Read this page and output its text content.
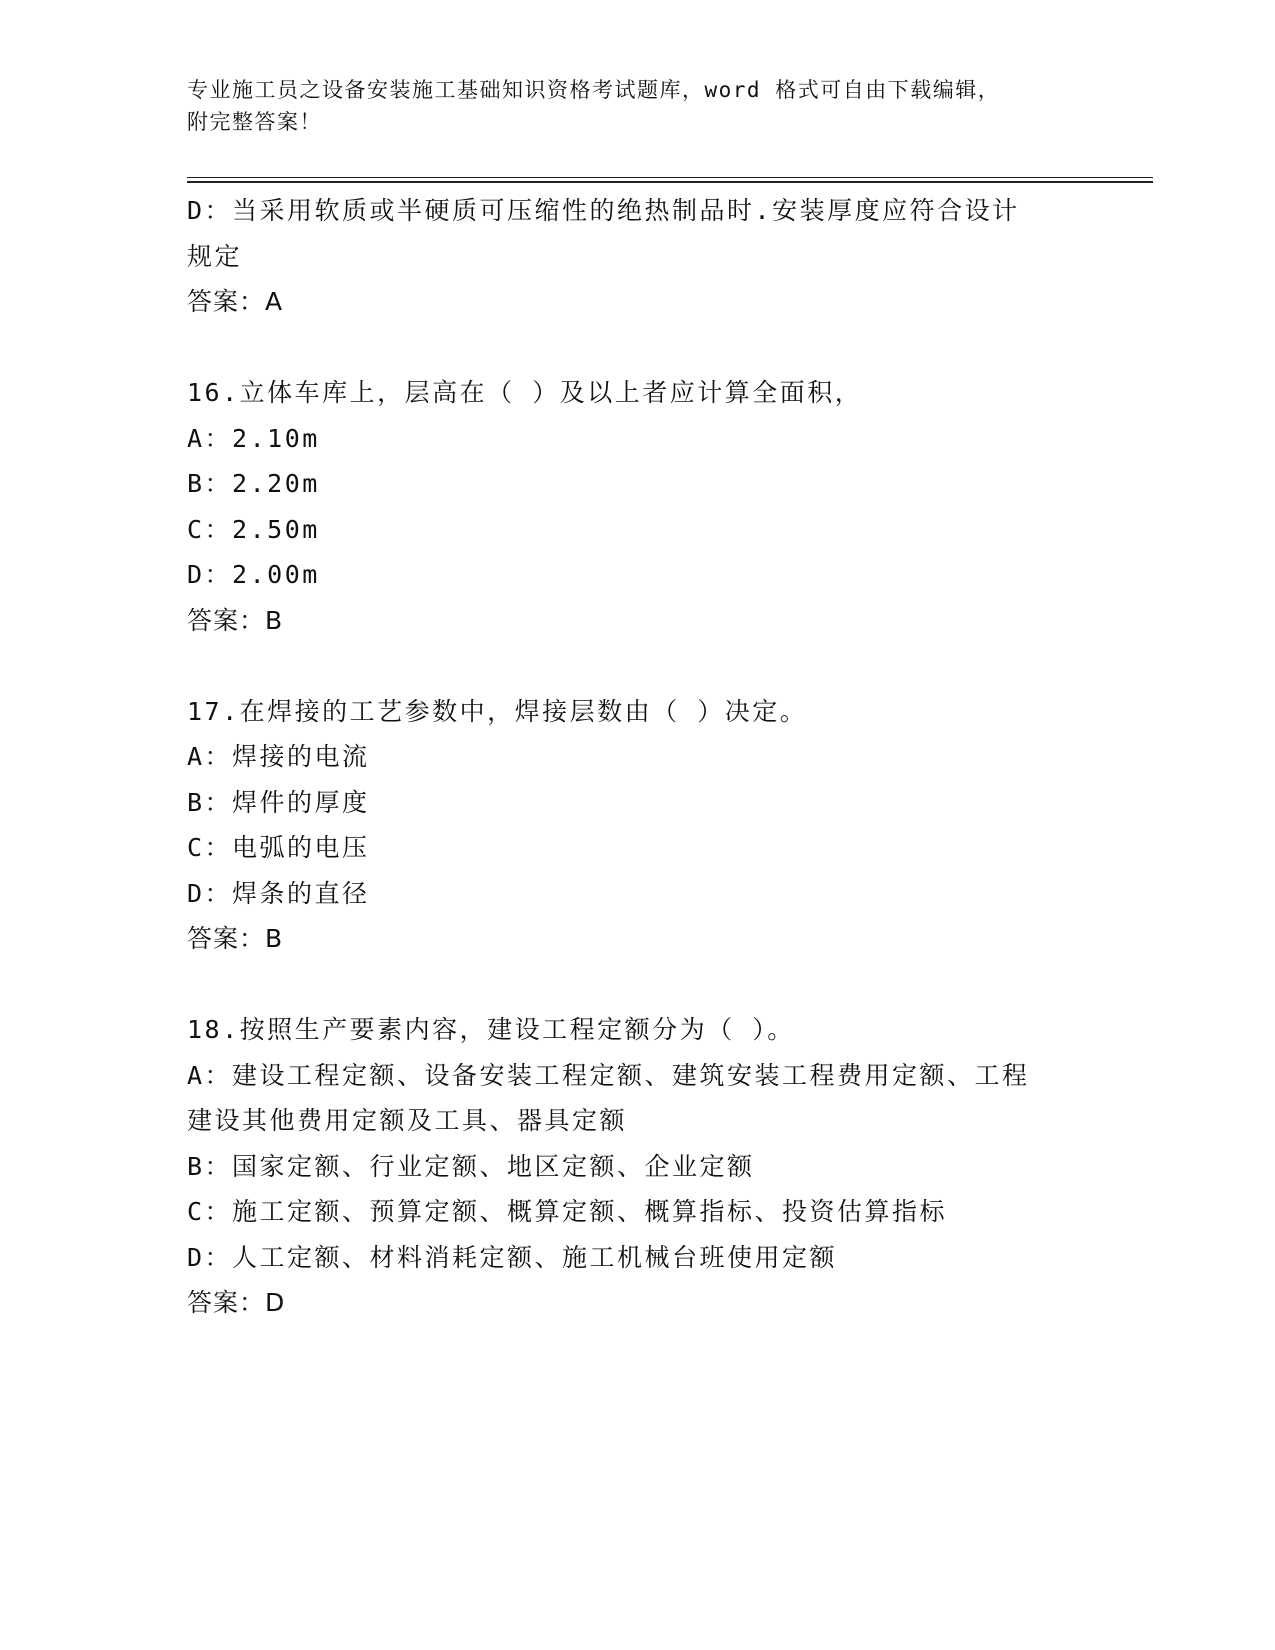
专业施工员之设备安装施工基础知识资格考试题库，word 格式可自由下载编辑，
附完整答案！
D：当采用软质或半硬质可压缩性的绝热制品时.安装厚度应符合设计
规定
答案：A
16.立体车库上，层高在（ ）及以上者应计算全面积，
A：2.10m
B：2.20m
C：2.50m
D：2.00m
答案：B
17.在焊接的工艺参数中，焊接层数由（ ）决定。
A：焊接的电流
B：焊件的厚度
C：电弧的电压
D：焊条的直径
答案：B
18.按照生产要素内容，建设工程定额分为（ ）。
A：建设工程定额、设备安装工程定额、建筑安装工程费用定额、工程
建设其他费用定额及工具、器具定额
B：国家定额、行业定额、地区定额、企业定额
C：施工定额、预算定额、概算定额、概算指标、投资估算指标
D：人工定额、材料消耗定额、施工机械台班使用定额
答案：D
